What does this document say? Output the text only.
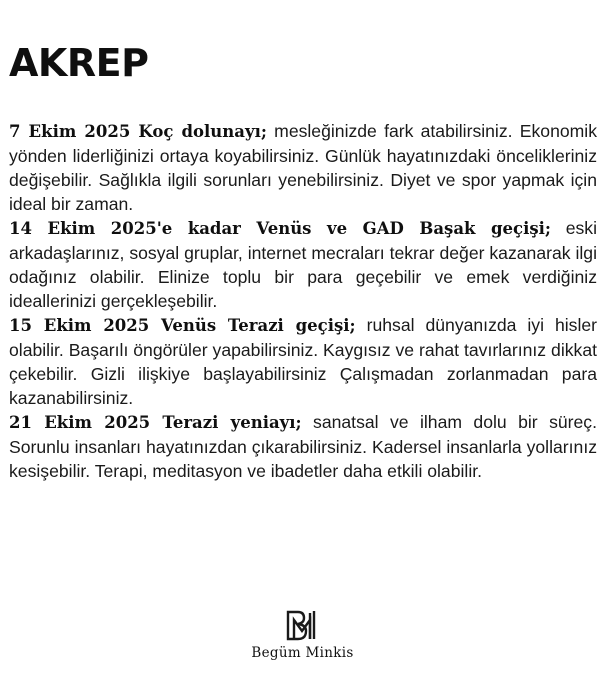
AKREP

7 Ekim 2025 Koç dolunayı; mesleğinizde fark atabilirsiniz. Ekonomik yönden liderliğinizi ortaya koyabilirsiniz. Günlük hayatınızdaki öncelikleriniz değişebilir. Sağlıkla ilgili sorunları yenebilirsiniz. Diyet ve spor yapmak için ideal bir zaman.

14 Ekim 2025'e kadar Venüs ve GAD Başak geçişi; eski arkadaşlarınız, sosyal gruplar, internet mecraları tekrar değer kazanarak ilgi odağınız olabilir. Elinize toplu bir para geçebilir ve emek verdiğiniz ideallerinizi gerçekleşebilir.

15 Ekim 2025 Venüs Terazi geçişi; ruhsal dünyanızda iyi hisler olabilir. Başarılı öngörüler yapabilirsiniz. Kaygısız ve rahat tavırlarınız dikkat çekebilir. Gizli ilişkiye başlayabilirsiniz Çalışmadan zorlanmadan para kazanabilirsiniz.

21 Ekim 2025 Terazi yeniayı; sanatsal ve ilham dolu bir süreç. Sorunlu insanları hayatınızdan çıkarabilirsiniz. Kadersel insanlarla yollarınız kesişebilir. Terapi, meditasyon ve ibadetler daha etkili olabilir.

Begüm Minkis
